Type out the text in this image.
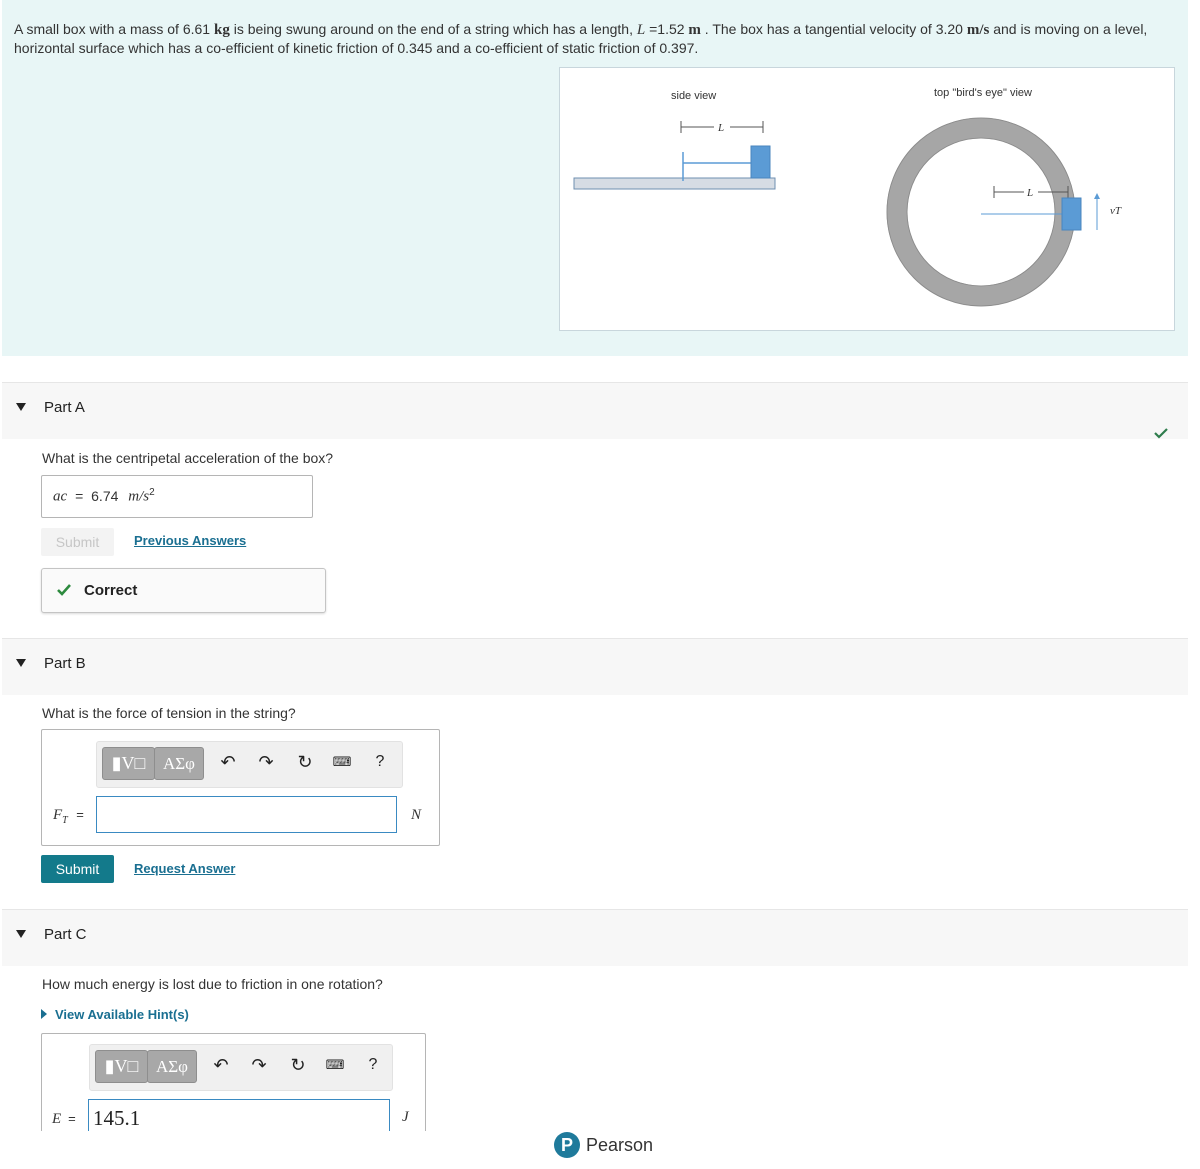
A small box with a mass of 6.61 kg is being swung around on the end of a string which has a length, L =1.52 m . The box has a tangential velocity of 3.20 m/s and is moving on a level, horizontal surface which has a co-efficient of kinetic friction of 0.345 and a co-efficient of static friction of 0.397.
side view
L
top "bird's eye" view
L
vT
Part A
What is the centripetal acceleration of the box?
ac = 6.74 $m/s^2$
Submit	Previous Answers
Correct
Part B
What is the force of tension in the string?
▮V□	ΑΣφ	↶ ↷ ↻ ⌨	?
$F_T$ =	N
Submit	Request Answer
Part C
How much energy is lost due to friction in one rotation?
View Available Hint(s)
▮V□	ΑΣφ	↶ ↷ ↻ ⌨	?
E = 145.1	J
P Pearson
